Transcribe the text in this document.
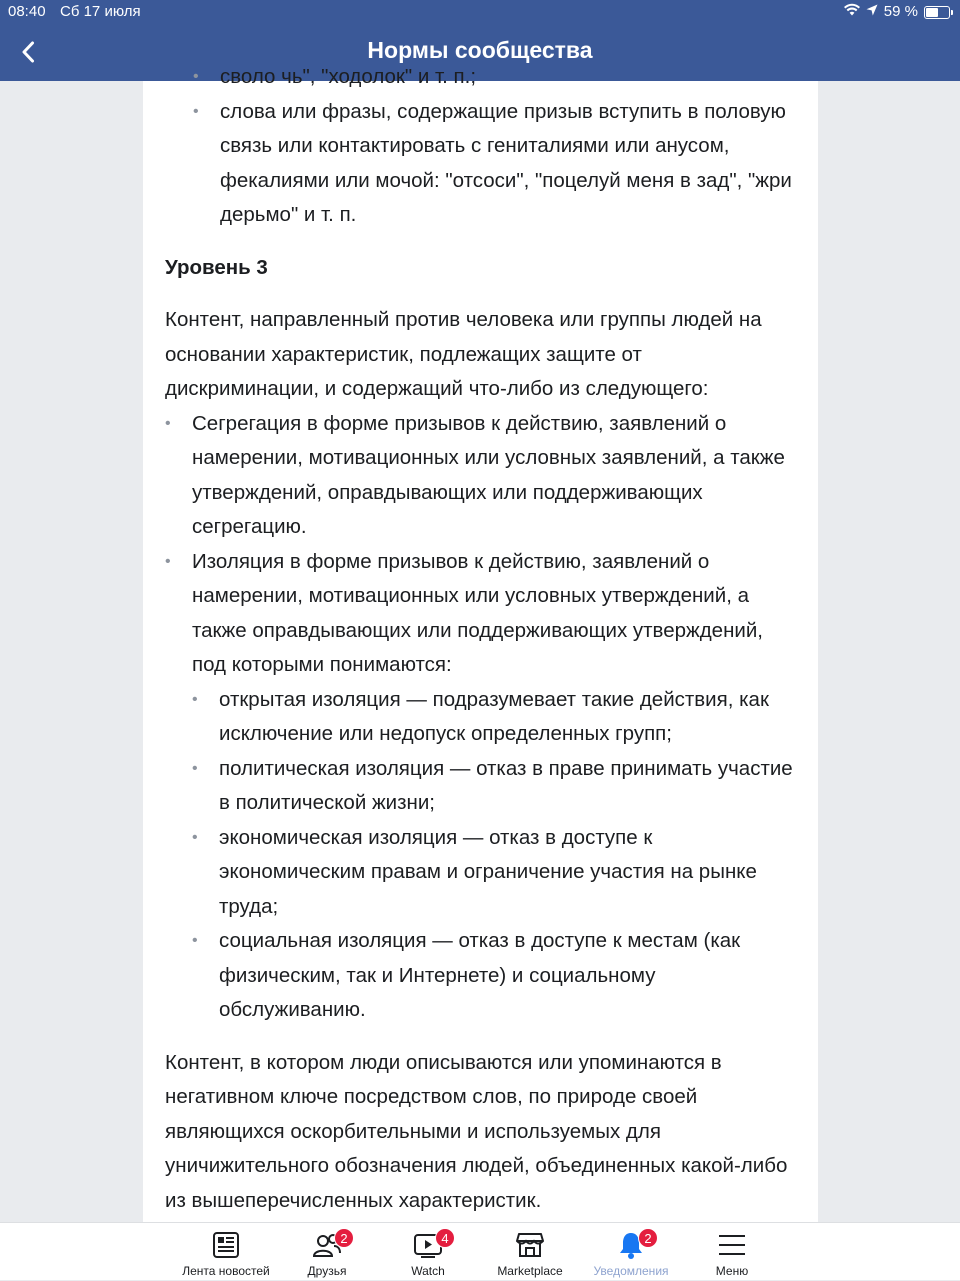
08:40 Сб 17 июля	59 %
Нормы сообщества
• своло чь", "ходолок" и т. п.;
• слова или фразы, содержащие призыв вступить в половую связь или контактировать с гениталиями или анусом, фекалиями или мочой: "отсоси", "поцелуй меня в зад", "жри дерьмо" и т. п.
Уровень 3
Контент, направленный против человека или группы людей на основании характеристик, подлежащих защите от дискриминации, и содержащий что-либо из следующего:
• Сегрегация в форме призывов к действию, заявлений о намерении, мотивационных или условных заявлений, а также утверждений, оправдывающих или поддерживающих сегрегацию.
• Изоляция в форме призывов к действию, заявлений о намерении, мотивационных или условных утверждений, а также оправдывающих или поддерживающих утверждений, под которыми понимаются:
• открытая изоляция — подразумевает такие действия, как исключение или недопуск определенных групп;
• политическая изоляция — отказ в праве принимать участие в политической жизни;
• экономическая изоляция — отказ в доступе к экономическим правам и ограничение участия на рынке труда;
• социальная изоляция — отказ в доступе к местам (как физическим, так и Интернете) и социальному обслуживанию.
Контент, в котором люди описываются или упоминаются в негативном ключе посредством слов, по природе своей являющихся оскорбительными и используемых для уничижительного обозначения людей, объединенных какой-либо из вышеперечисленных характеристик.
Лента новостей
2
Друзья
4
Watch	Marketplace
2
Уведомления	Меню
